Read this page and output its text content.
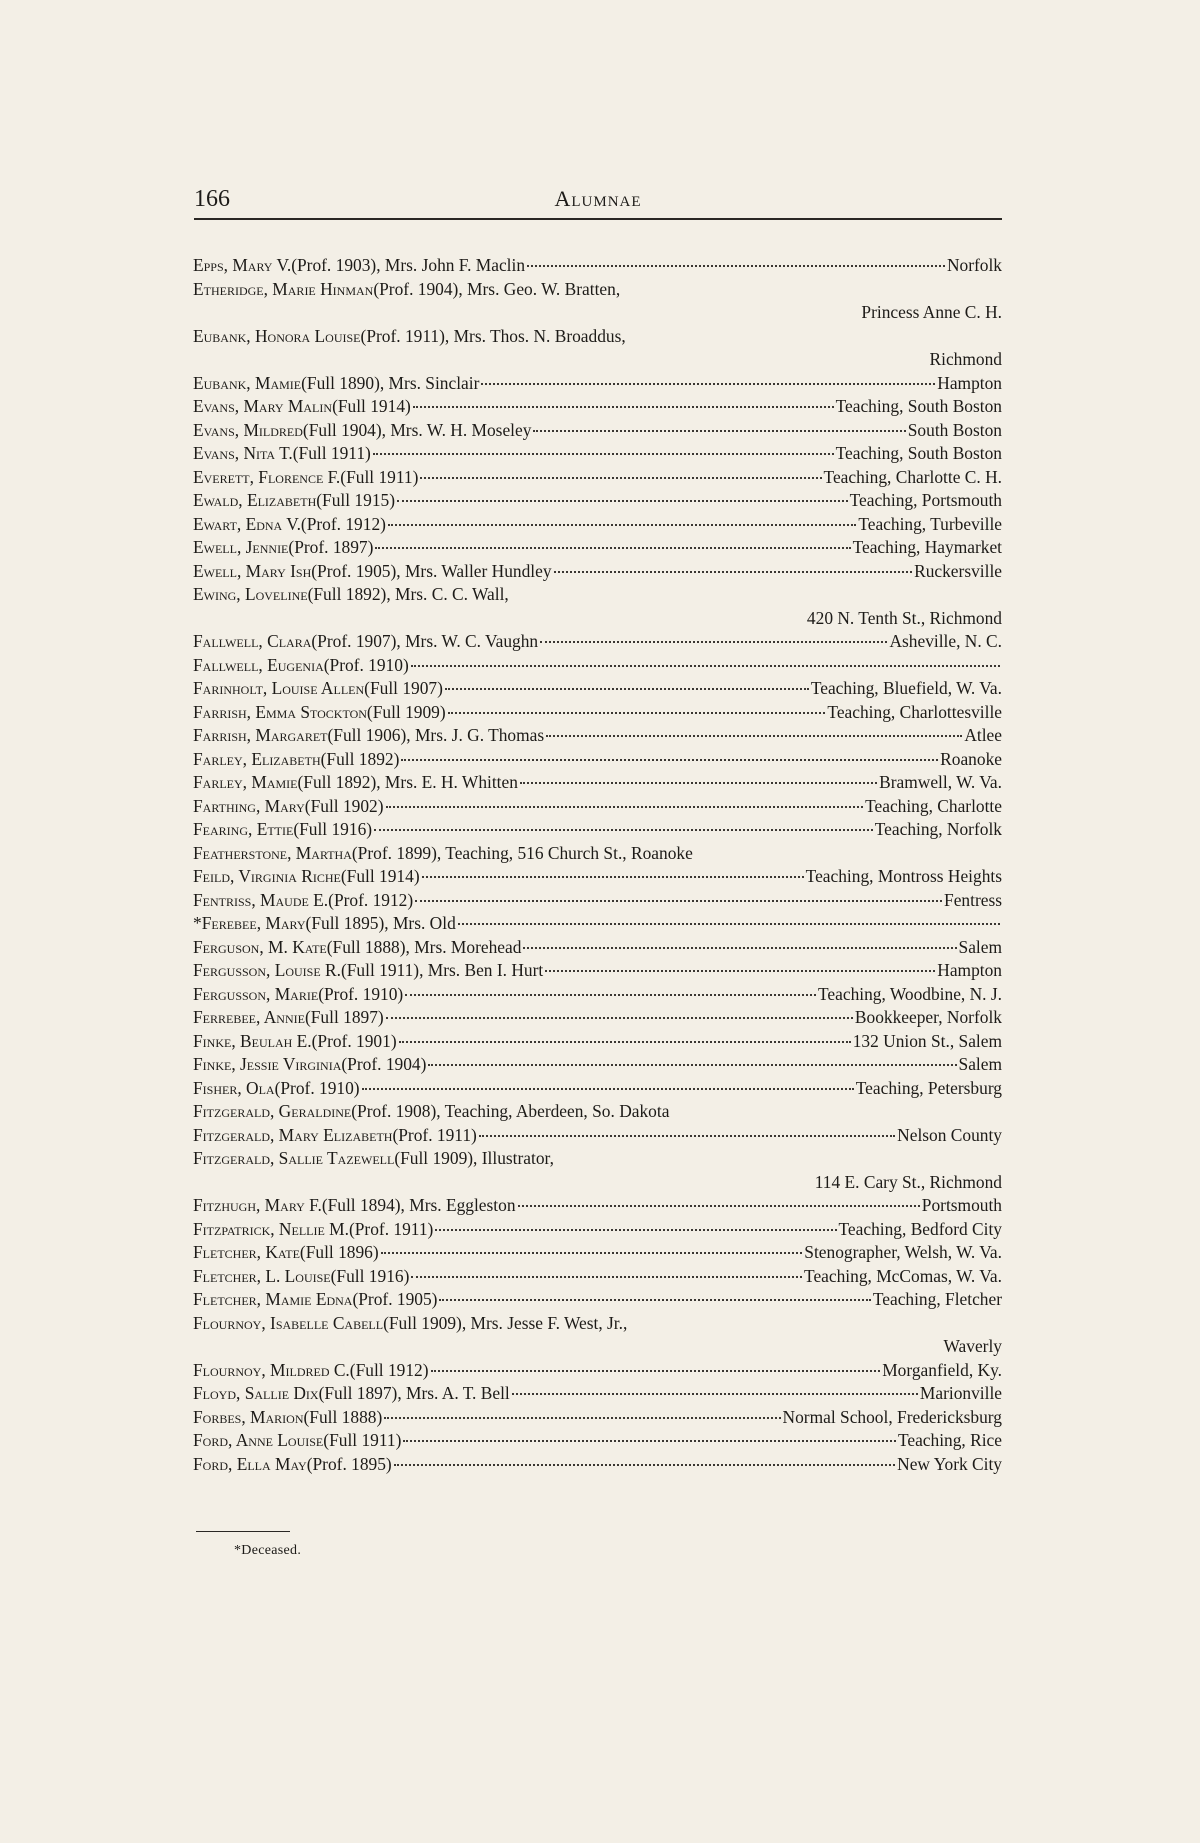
166	Alumnae
Epps, Mary V. (Prof. 1903), Mrs. John F. Maclin	Norfolk
Etheridge, Marie Hinman (Prof. 1904), Mrs. Geo. W. Bratten,
Princess Anne C. H.
Eubank, Honora Louise (Prof. 1911), Mrs. Thos. N. Broaddus,
Richmond
Eubank, Mamie (Full 1890), Mrs. Sinclair	Hampton
Evans, Mary Malin (Full 1914)	Teaching, South Boston
Evans, Mildred (Full 1904), Mrs. W. H. Moseley	South Boston
Evans, Nita T. (Full 1911)	Teaching, South Boston
Everett, Florence F. (Full 1911)	Teaching, Charlotte C. H.
Ewald, Elizabeth (Full 1915)	Teaching, Portsmouth
Ewart, Edna V. (Prof. 1912)	Teaching, Turbeville
Ewell, Jennie (Prof. 1897)	Teaching, Haymarket
Ewell, Mary Ish (Prof. 1905), Mrs. Waller Hundley	Ruckersville
Ewing, Loveline (Full 1892), Mrs. C. C. Wall,
420 N. Tenth St., Richmond
Fallwell, Clara (Prof. 1907), Mrs. W. C. Vaughn	Asheville, N. C.
Fallwell, Eugenia (Prof. 1910)
Farinholt, Louise Allen (Full 1907)	Teaching, Bluefield, W. Va.
Farrish, Emma Stockton (Full 1909)	Teaching, Charlottesville
Farrish, Margaret (Full 1906), Mrs. J. G. Thomas	Atlee
Farley, Elizabeth (Full 1892)	Roanoke
Farley, Mamie (Full 1892), Mrs. E. H. Whitten	Bramwell, W. Va.
Farthing, Mary (Full 1902)	Teaching, Charlotte
Fearing, Ettie (Full 1916)	Teaching, Norfolk
Featherstone, Martha (Prof. 1899), Teaching, 516 Church St., Roanoke
Feild, Virginia Riche (Full 1914)	Teaching, Montross Heights
Fentriss, Maude E. (Prof. 1912)	Fentress
*Ferebee, Mary (Full 1895), Mrs. Old
Ferguson, M. Kate (Full 1888), Mrs. Morehead	Salem
Fergusson, Louise R. (Full 1911), Mrs. Ben I. Hurt	Hampton
Fergusson, Marie (Prof. 1910)	Teaching, Woodbine, N. J.
Ferrebee, Annie (Full 1897)	Bookkeeper, Norfolk
Finke, Beulah E. (Prof. 1901)	132 Union St., Salem
Finke, Jessie Virginia (Prof. 1904)	Salem
Fisher, Ola (Prof. 1910)	Teaching, Petersburg
Fitzgerald, Geraldine (Prof. 1908), Teaching, Aberdeen, So. Dakota
Fitzgerald, Mary Elizabeth (Prof. 1911)	Nelson County
Fitzgerald, Sallie Tazewell (Full 1909), Illustrator,
114 E. Cary St., Richmond
Fitzhugh, Mary F. (Full 1894), Mrs. Eggleston	Portsmouth
Fitzpatrick, Nellie M. (Prof. 1911)	Teaching, Bedford City
Fletcher, Kate (Full 1896)	Stenographer, Welsh, W. Va.
Fletcher, L. Louise (Full 1916)	Teaching, McComas, W. Va.
Fletcher, Mamie Edna (Prof. 1905)	Teaching, Fletcher
Flournoy, Isabelle Cabell (Full 1909), Mrs. Jesse F. West, Jr.,
Waverly
Flournoy, Mildred C. (Full 1912)	Morganfield, Ky.
Floyd, Sallie Dix (Full 1897), Mrs. A. T. Bell	Marionville
Forbes, Marion (Full 1888)	Normal School, Fredericksburg
Ford, Anne Louise (Full 1911)	Teaching, Rice
Ford, Ella May (Prof. 1895)	New York City
*Deceased.
